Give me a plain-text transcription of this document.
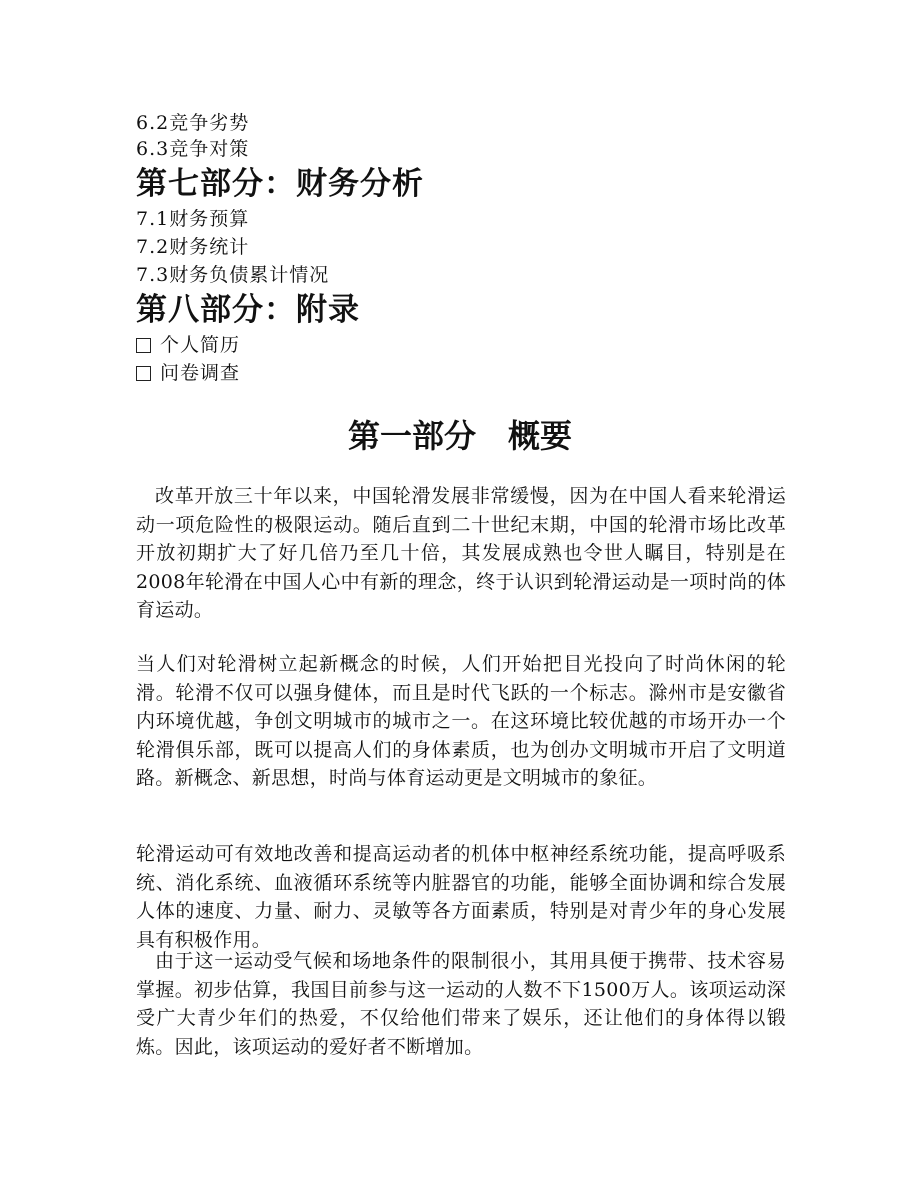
6.2竞争劣势
6.3竞争对策
第七部分：财务分析
7.1财务预算
7.2财务统计
7.3财务负债累计情况
第八部分：附录
个人简历
问卷调查
第一部分　概要

改革开放三十年以来，中国轮滑发展非常缓慢，因为在中国人看来轮滑运动一项危险性的极限运动。随后直到二十世纪末期，中国的轮滑市场比改革开放初期扩大了好几倍乃至几十倍，其发展成熟也令世人瞩目，特别是在2008年轮滑在中国人心中有新的理念，终于认识到轮滑运动是一项时尚的体育运动。

当人们对轮滑树立起新概念的时候，人们开始把目光投向了时尚休闲的轮滑。轮滑不仅可以强身健体，而且是时代飞跃的一个标志。滁州市是安徽省内环境优越，争创文明城市的城市之一。在这环境比较优越的市场开办一个轮滑俱乐部，既可以提高人们的身体素质，也为创办文明城市开启了文明道路。新概念、新思想，时尚与体育运动更是文明城市的象征。

轮滑运动可有效地改善和提高运动者的机体中枢神经系统功能，提高呼吸系统、消化系统、血液循环系统等内脏器官的功能，能够全面协调和综合发展人体的速度、力量、耐力、灵敏等各方面素质，特别是对青少年的身心发展具有积极作用。

由于这一运动受气候和场地条件的限制很小，其用具便于携带、技术容易掌握。初步估算，我国目前参与这一运动的人数不下1500万人。该项运动深受广大青少年们的热爱，不仅给他们带来了娱乐，还让他们的身体得以锻炼。因此，该项运动的爱好者不断增加。
